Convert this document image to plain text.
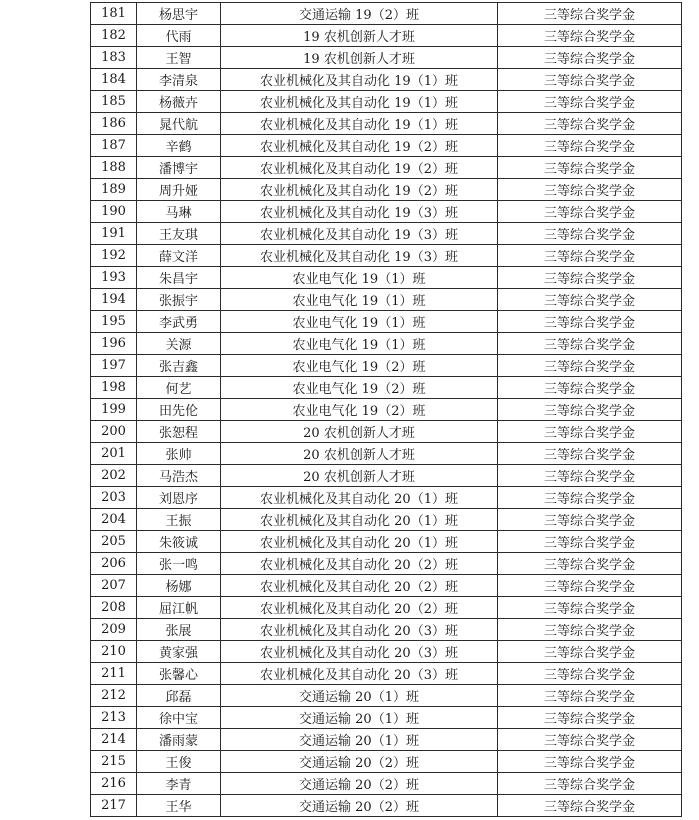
181	杨思宇	交通运输 19（2）班	三等综合奖学金
182	代雨	19 农机创新人才班	三等综合奖学金
183	王智	19 农机创新人才班	三等综合奖学金
184	李清泉	农业机械化及其自动化 19（1）班	三等综合奖学金
185	杨薇卉	农业机械化及其自动化 19（1）班	三等综合奖学金
186	晁代航	农业机械化及其自动化 19（1）班	三等综合奖学金
187	辛鹤	农业机械化及其自动化 19（2）班	三等综合奖学金
188	潘博宇	农业机械化及其自动化 19（2）班	三等综合奖学金
189	周升娅	农业机械化及其自动化 19（2）班	三等综合奖学金
190	马琳	农业机械化及其自动化 19（3）班	三等综合奖学金
191	王友琪	农业机械化及其自动化 19（3）班	三等综合奖学金
192	薛文洋	农业机械化及其自动化 19（3）班	三等综合奖学金
193	朱昌宇	农业电气化 19（1）班	三等综合奖学金
194	张振宇	农业电气化 19（1）班	三等综合奖学金
195	李武勇	农业电气化 19（1）班	三等综合奖学金
196	关源	农业电气化 19（1）班	三等综合奖学金
197	张吉鑫	农业电气化 19（2）班	三等综合奖学金
198	何艺	农业电气化 19（2）班	三等综合奖学金
199	田先伦	农业电气化 19（2）班	三等综合奖学金
200	张恕程	20 农机创新人才班	三等综合奖学金
201	张帅	20 农机创新人才班	三等综合奖学金
202	马浩杰	20 农机创新人才班	三等综合奖学金
203	刘恩序	农业机械化及其自动化 20（1）班	三等综合奖学金
204	王振	农业机械化及其自动化 20（1）班	三等综合奖学金
205	朱筱诚	农业机械化及其自动化 20（1）班	三等综合奖学金
206	张一鸣	农业机械化及其自动化 20（2）班	三等综合奖学金
207	杨娜	农业机械化及其自动化 20（2）班	三等综合奖学金
208	屈江帆	农业机械化及其自动化 20（2）班	三等综合奖学金
209	张展	农业机械化及其自动化 20（3）班	三等综合奖学金
210	黄家强	农业机械化及其自动化 20（3）班	三等综合奖学金
211	张馨心	农业机械化及其自动化 20（3）班	三等综合奖学金
212	邱磊	交通运输 20（1）班	三等综合奖学金
213	徐中宝	交通运输 20（1）班	三等综合奖学金
214	潘雨蒙	交通运输 20（1）班	三等综合奖学金
215	王俊	交通运输 20（2）班	三等综合奖学金
216	李青	交通运输 20（2）班	三等综合奖学金
217	王华	交通运输 20（2）班	三等综合奖学金
